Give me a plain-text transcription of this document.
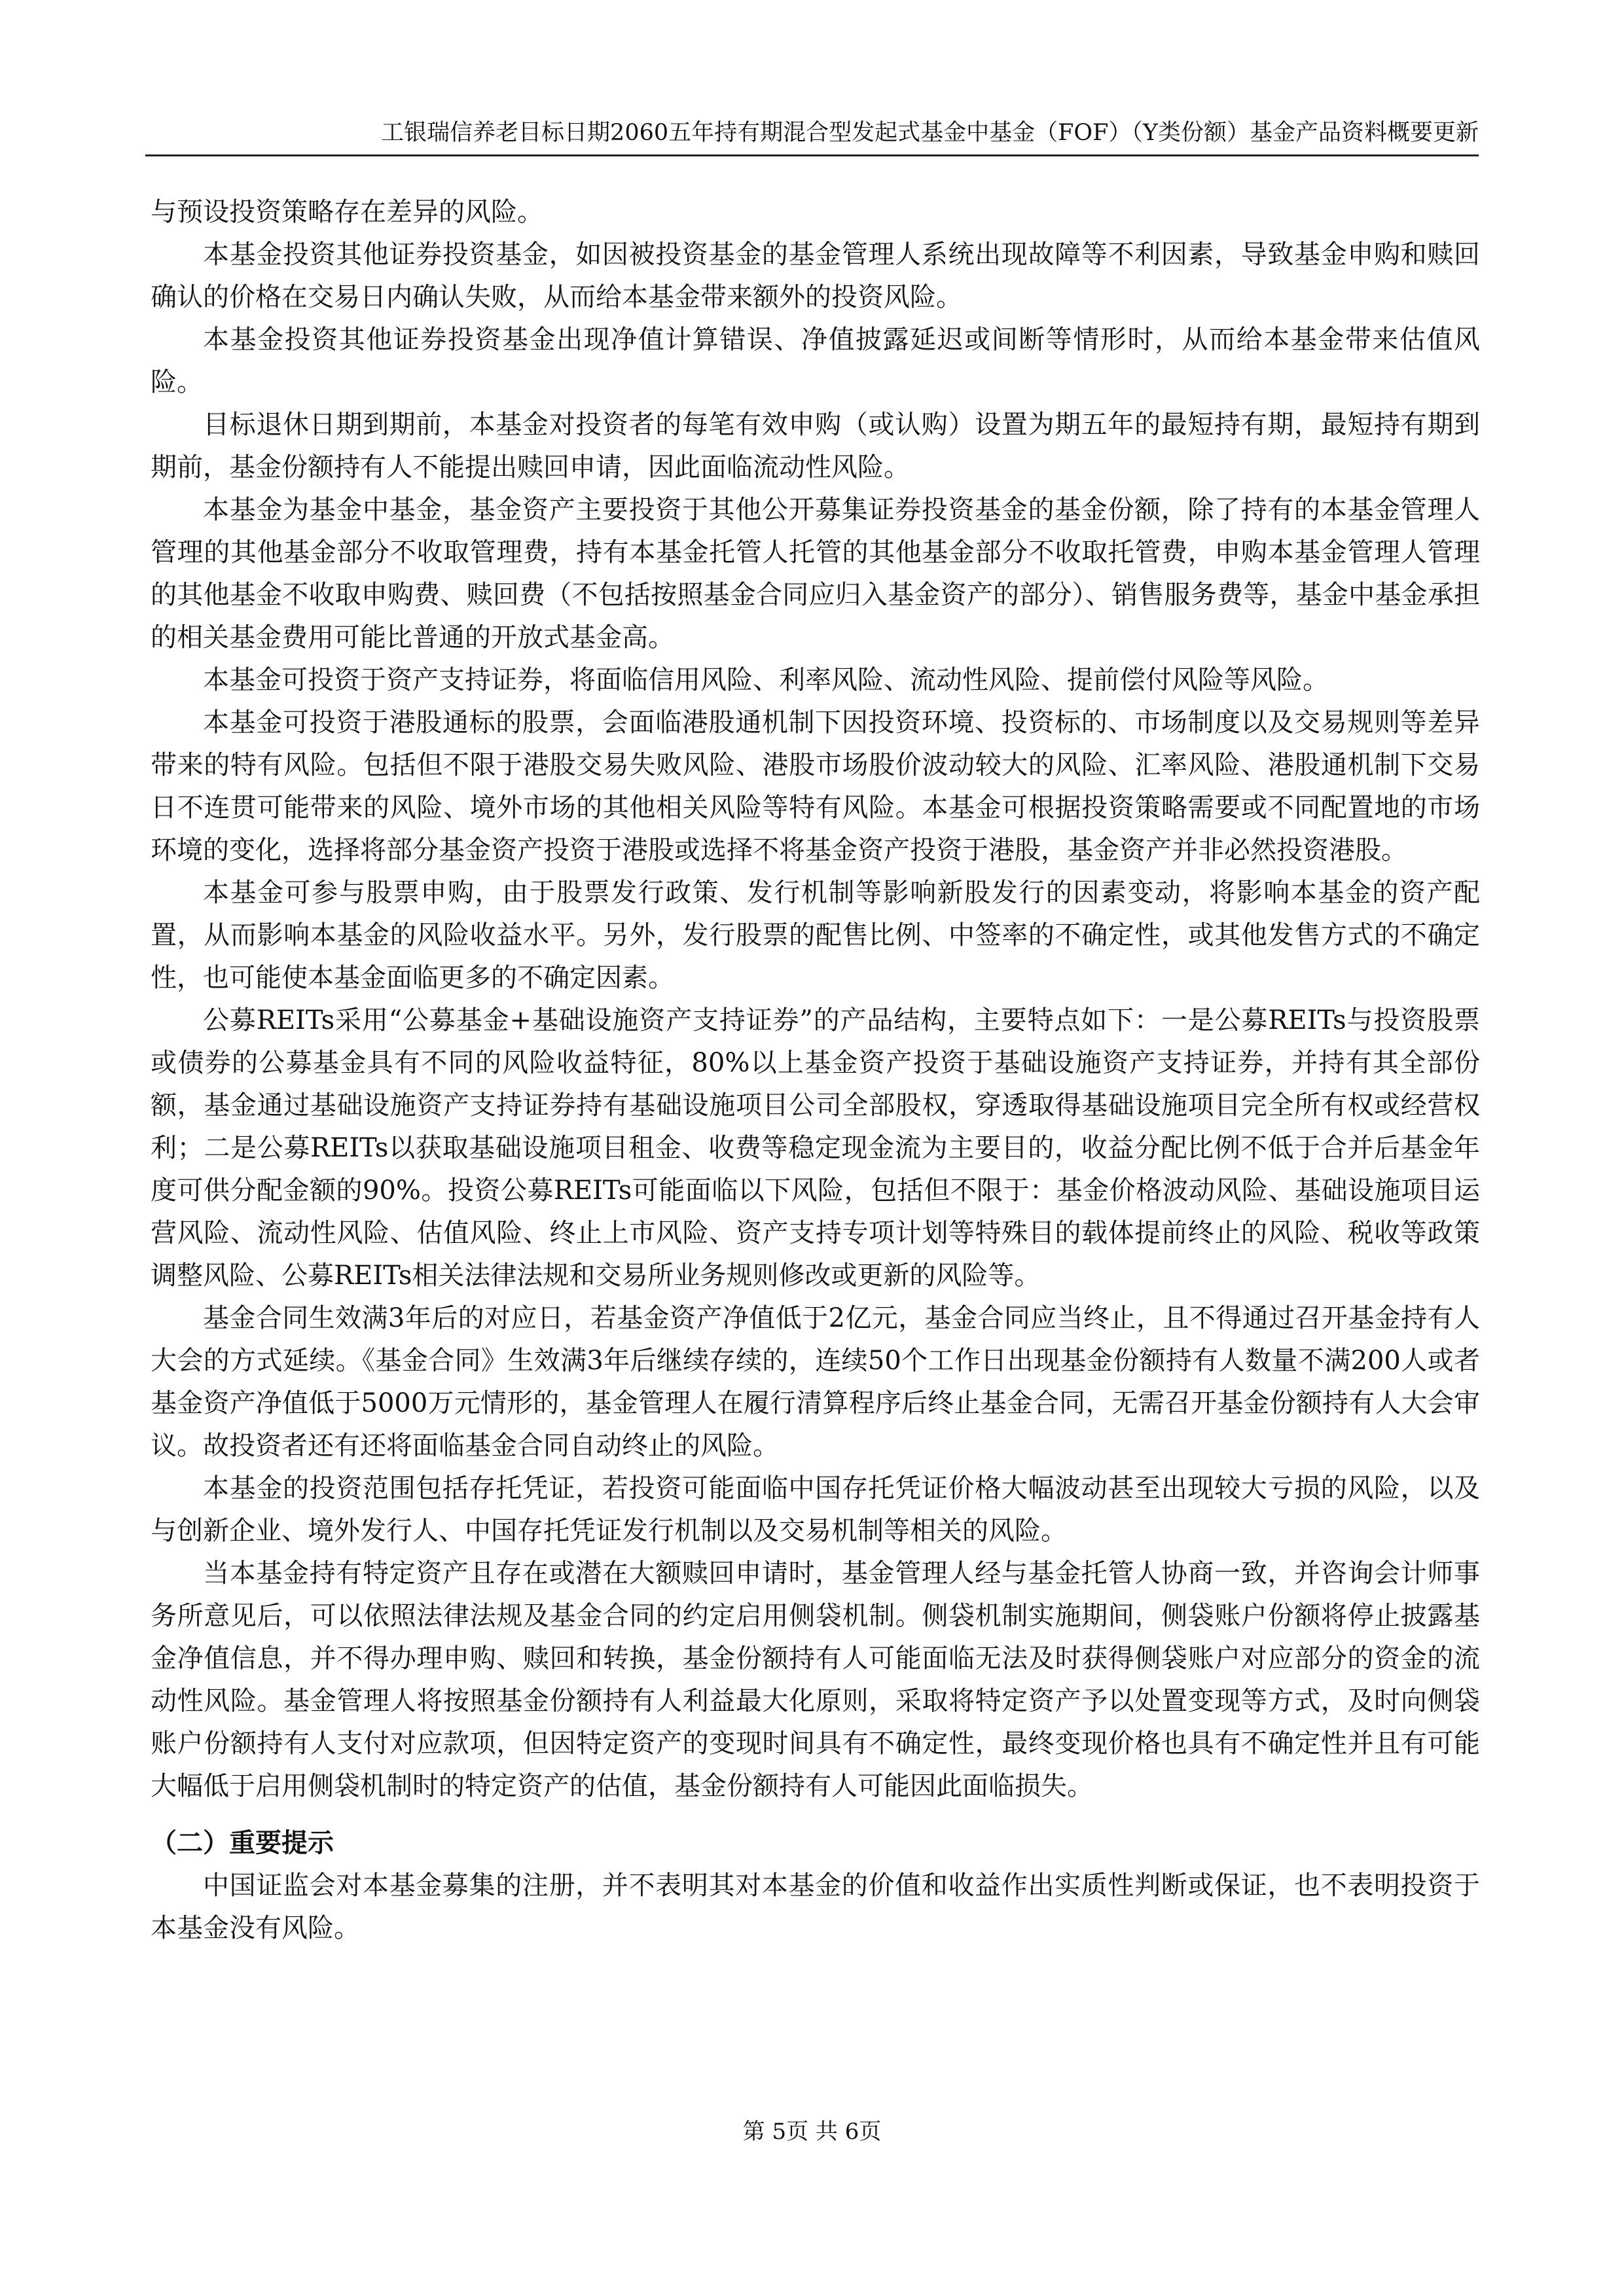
工银瑞信养老目标日期2060五年持有期混合型发起式基金中基金（FOF）（Y类份额）基金产品资料概要更新

与预设投资策略存在差异的风险。

本基金投资其他证券投资基金，如因被投资基金的基金管理人系统出现故障等不利因素，导致基金申购和赎回确认的价格在交易日内确认失败，从而给本基金带来额外的投资风险。

本基金投资其他证券投资基金出现净值计算错误、净值披露延迟或间断等情形时，从而给本基金带来估值风险。

目标退休日期到期前，本基金对投资者的每笔有效申购（或认购）设置为期五年的最短持有期，最短持有期到期前，基金份额持有人不能提出赎回申请，因此面临流动性风险。

本基金为基金中基金，基金资产主要投资于其他公开募集证券投资基金的基金份额，除了持有的本基金管理人管理的其他基金部分不收取管理费，持有本基金托管人托管的其他基金部分不收取托管费，申购本基金管理人管理的其他基金不收取申购费、赎回费（不包括按照基金合同应归入基金资产的部分）、销售服务费等，基金中基金承担的相关基金费用可能比普通的开放式基金高。

本基金可投资于资产支持证券，将面临信用风险、利率风险、流动性风险、提前偿付风险等风险。

本基金可投资于港股通标的股票，会面临港股通机制下因投资环境、投资标的、市场制度以及交易规则等差异带来的特有风险。包括但不限于港股交易失败风险、港股市场股价波动较大的风险、汇率风险、港股通机制下交易日不连贯可能带来的风险、境外市场的其他相关风险等特有风险。本基金可根据投资策略需要或不同配置地的市场环境的变化，选择将部分基金资产投资于港股或选择不将基金资产投资于港股，基金资产并非必然投资港股。

本基金可参与股票申购，由于股票发行政策、发行机制等影响新股发行的因素变动，将影响本基金的资产配置，从而影响本基金的风险收益水平。另外，发行股票的配售比例、中签率的不确定性，或其他发售方式的不确定性，也可能使本基金面临更多的不确定因素。

公募REITs采用“公募基金+基础设施资产支持证券”的产品结构，主要特点如下：一是公募REITs与投资股票或债券的公募基金具有不同的风险收益特征，80%以上基金资产投资于基础设施资产支持证券，并持有其全部份额，基金通过基础设施资产支持证券持有基础设施项目公司全部股权，穿透取得基础设施项目完全所有权或经营权利；二是公募REITs以获取基础设施项目租金、收费等稳定现金流为主要目的，收益分配比例不低于合并后基金年度可供分配金额的90%。投资公募REITs可能面临以下风险，包括但不限于：基金价格波动风险、基础设施项目运营风险、流动性风险、估值风险、终止上市风险、资产支持专项计划等特殊目的载体提前终止的风险、税收等政策调整风险、公募REITs相关法律法规和交易所业务规则修改或更新的风险等。

基金合同生效满3年后的对应日，若基金资产净值低于2亿元，基金合同应当终止，且不得通过召开基金持有人大会的方式延续。《基金合同》生效满3年后继续存续的，连续50个工作日出现基金份额持有人数量不满200人或者基金资产净值低于5000万元情形的，基金管理人在履行清算程序后终止基金合同，无需召开基金份额持有人大会审议。故投资者还有还将面临基金合同自动终止的风险。

本基金的投资范围包括存托凭证，若投资可能面临中国存托凭证价格大幅波动甚至出现较大亏损的风险，以及与创新企业、境外发行人、中国存托凭证发行机制以及交易机制等相关的风险。

当本基金持有特定资产且存在或潜在大额赎回申请时，基金管理人经与基金托管人协商一致，并咨询会计师事务所意见后，可以依照法律法规及基金合同的约定启用侧袋机制。侧袋机制实施期间，侧袋账户份额将停止披露基金净值信息，并不得办理申购、赎回和转换，基金份额持有人可能面临无法及时获得侧袋账户对应部分的资金的流动性风险。基金管理人将按照基金份额持有人利益最大化原则，采取将特定资产予以处置变现等方式，及时向侧袋账户份额持有人支付对应款项，但因特定资产的变现时间具有不确定性，最终变现价格也具有不确定性并且有可能大幅低于启用侧袋机制时的特定资产的估值，基金份额持有人可能因此面临损失。

（二）重要提示

中国证监会对本基金募集的注册，并不表明其对本基金的价值和收益作出实质性判断或保证，也不表明投资于本基金没有风险。

第 5页 共 6页
